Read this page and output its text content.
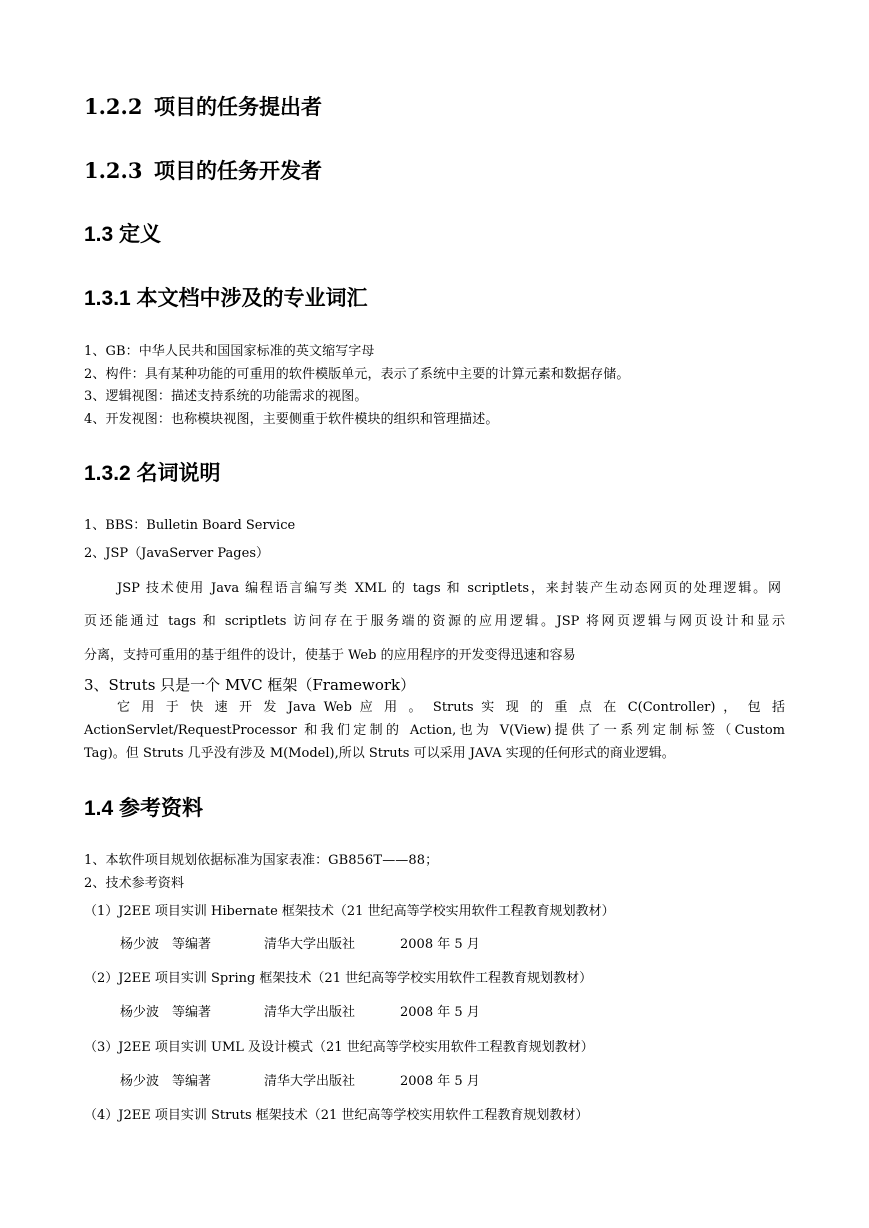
1.2.2 项目的任务提出者
1.2.3 项目的任务开发者
1.3 定义
1.3.1 本文档中涉及的专业词汇
1、GB：中华人民共和国国家标准的英文缩写字母
2、构件：具有某种功能的可重用的软件模版单元，表示了系统中主要的计算元素和数据存储。
3、逻辑视图：描述支持系统的功能需求的视图。
4、开发视图：也称模块视图，主要侧重于软件模块的组织和管理描述。
1.3.2 名词说明
1、BBS：Bulletin Board Service
2、JSP（JavaServer Pages）
JSP 技术使用 Java 编程语言编写类 XML 的 tags 和 scriptlets，来封装产生动态网页的处理逻辑。网
页还能通过 tags 和 scriptlets 访问存在于服务端的资源的应用逻辑。JSP 将网页逻辑与网页设计和显示
分离，支持可重用的基于组件的设计，使基于 Web 的应用程序的开发变得迅速和容易
3、Struts 只是一个 MVC 框架（Framework）
它 用 于 快 速 开 发 Java Web 应 用 。 Struts 实 现 的 重 点 在 C(Controller) ， 包 括
ActionServlet/RequestProcessor 和我们定制的 Action,也为 V(View)提供了一系列定制标签（Custom
Tag)。但 Struts 几乎没有涉及 M(Model),所以 Struts 可以采用 JAVA 实现的任何形式的商业逻辑。
1.4 参考资料
1、本软件项目规划依据标准为国家表准：GB856T——88；
2、技术参考资料
（1）J2EE 项目实训 Hibernate 框架技术（21 世纪高等学校实用软件工程教育规划教材）
杨少波　等编著	清华大学出版社	2008 年 5 月
（2）J2EE 项目实训 Spring 框架技术（21 世纪高等学校实用软件工程教育规划教材）
杨少波　等编著	清华大学出版社	2008 年 5 月
（3）J2EE 项目实训 UML 及设计模式（21 世纪高等学校实用软件工程教育规划教材）
杨少波　等编著	清华大学出版社	2008 年 5 月
（4）J2EE 项目实训 Struts 框架技术（21 世纪高等学校实用软件工程教育规划教材）
